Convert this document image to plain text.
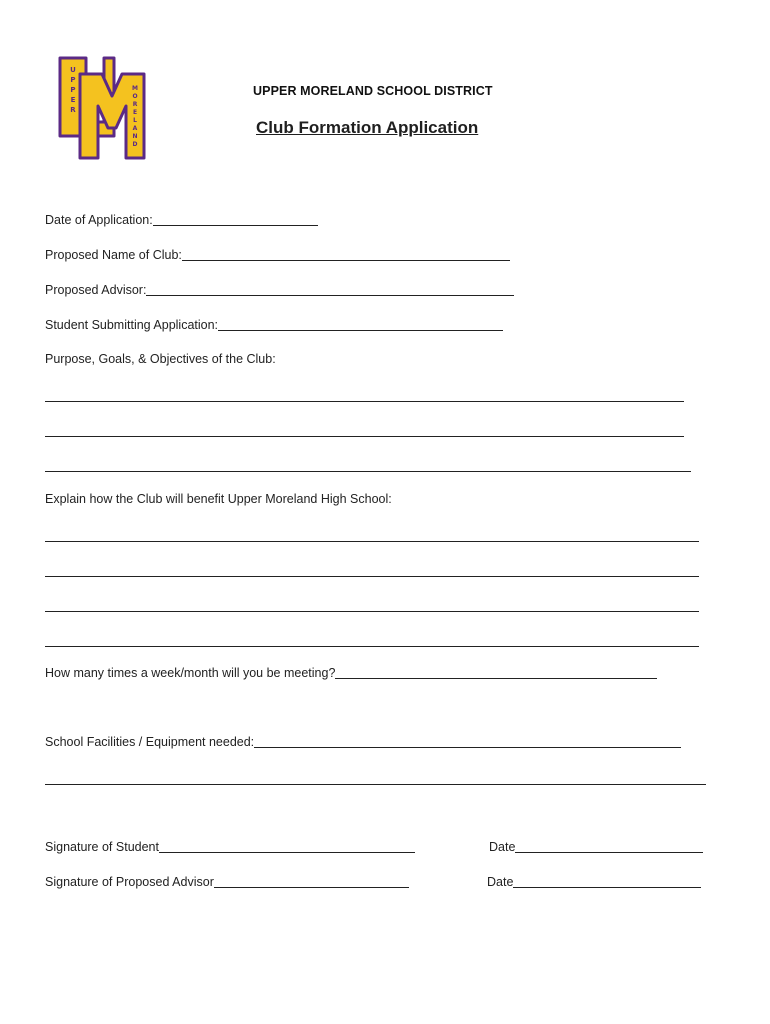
U
P
P
E
R
M
O
R
E
L
A
N
D
UPPER MORELAND SCHOOL DISTRICT
Club Formation Application
Date of Application:
Proposed Name of Club:
Proposed Advisor:
Student Submitting Application:
Purpose, Goals, & Objectives of the Club:
Explain how the Club will benefit Upper Moreland High School:
How many times a week/month will you be meeting?
School Facilities / Equipment needed:
Signature of Student	Date
Signature of Proposed Advisor	Date
